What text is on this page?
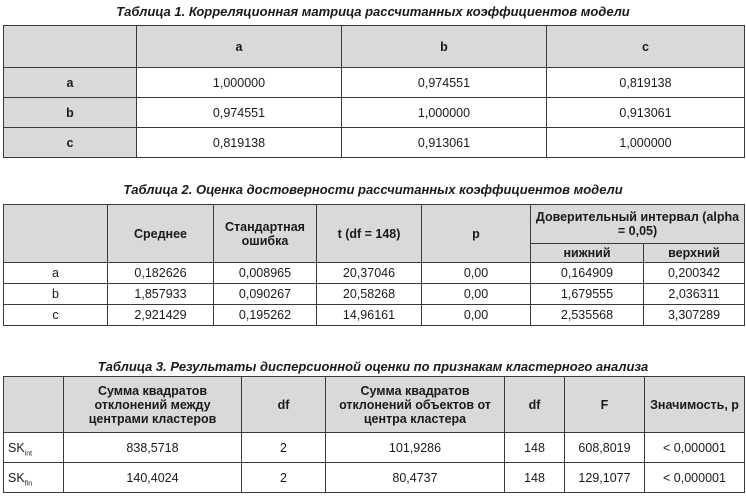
Таблица 1. Корреляционная матрица рассчитанных коэффициентов модели
	a	b	c
a	1,000000	0,974551	0,819138
b	0,974551	1,000000	0,913061
c	0,819138	0,913061	1,000000
Таблица 2. Оценка достоверности рассчитанных коэффициентов модели
	Среднее	Стандартная ошибка	t (df = 148)	p	Доверительный интервал (alpha = 0,05)	
					нижний	верхний
a	0,182626	0,008965	20,37046	0,00	0,164909	0,200342
b	1,857933	0,090267	20,58268	0,00	1,679555	2,036311
c	2,921429	0,195262	14,96161	0,00	2,535568	3,307289
Таблица 3. Результаты дисперсионной оценки по признакам кластерного анализа
	Сумма квадратов отклонений между центрами кластеров	df	Сумма квадратов отклонений объектов от центра кластера	df	F	Значимость, p
$SK_{int}$	838,5718	2	101,9286	148	608,8019	< 0,000001
$SK_{fin}$	140,4024	2	80,4737	148	129,1077	< 0,000001
